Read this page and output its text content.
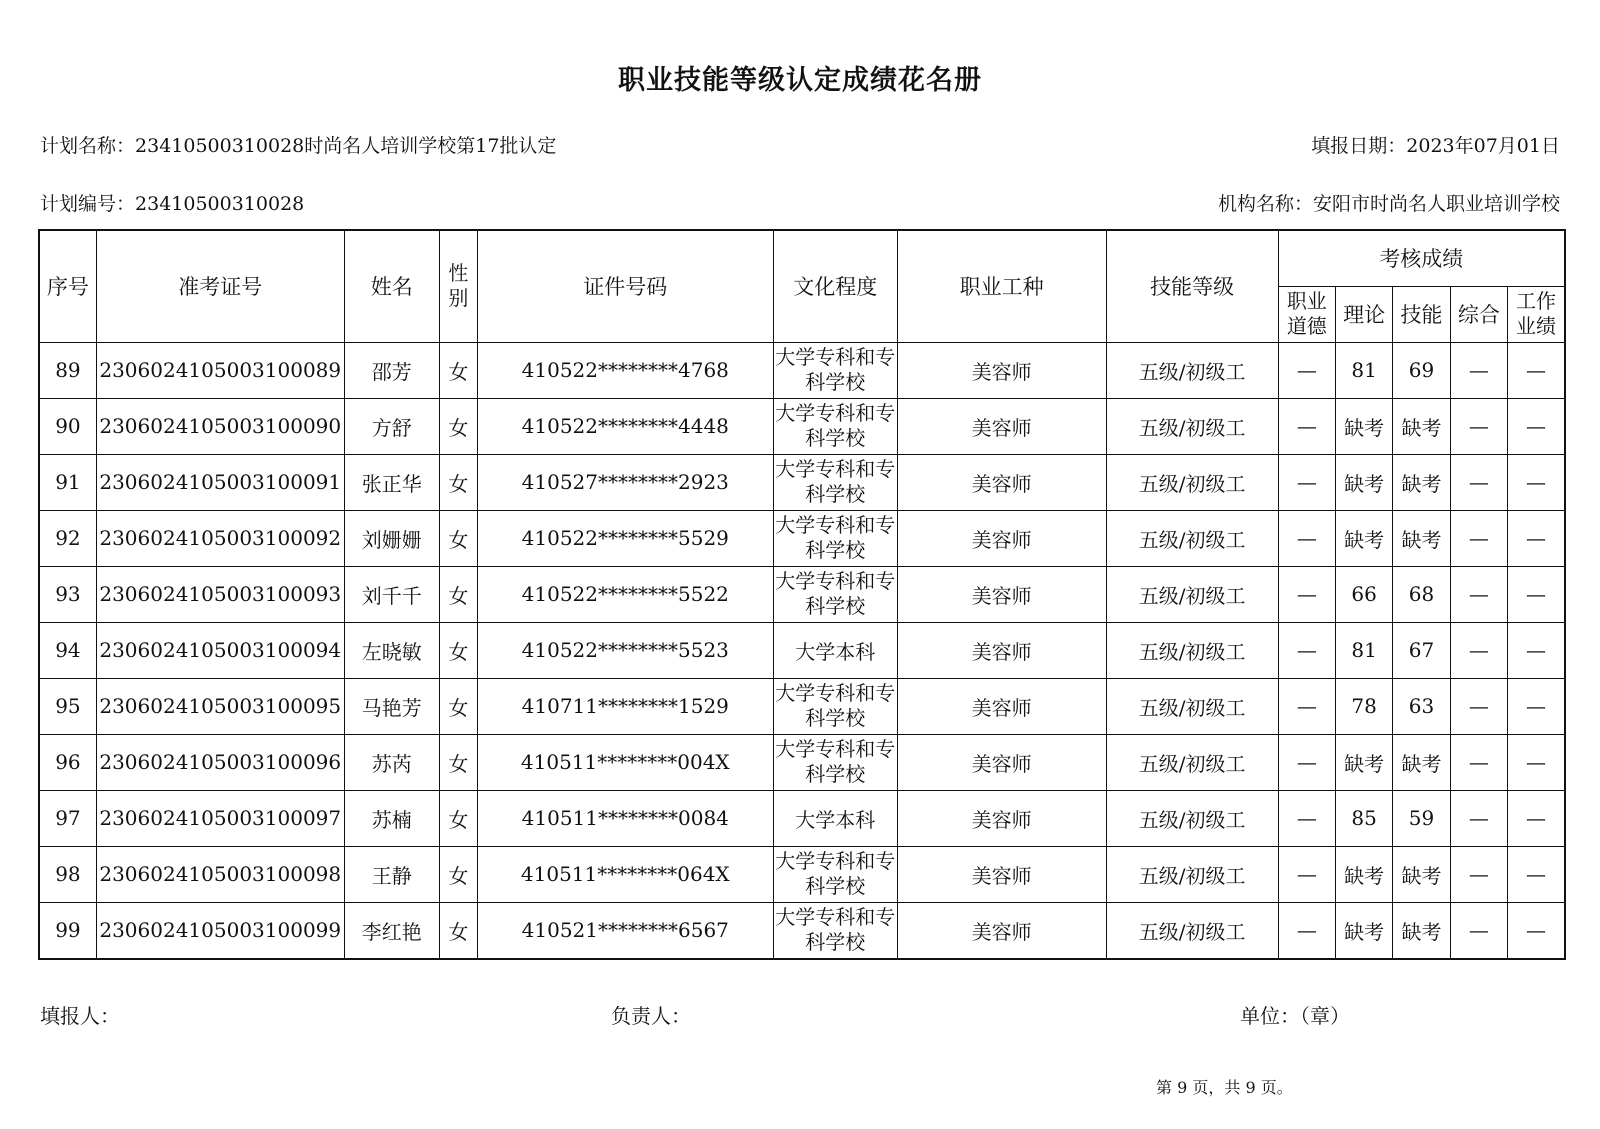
职业技能等级认定成绩花名册
计划名称：23410500310028时尚名人培训学校第17批认定	填报日期：2023年07月01日
计划编号：23410500310028	机构名称：安阳市时尚名人职业培训学校
序号	准考证号	姓名	性别	证件号码	文化程度	职业工种	技能等级	考核成绩				
								职业道德	理论	技能	综合	工作业绩
89	2306024105003100089	邵芳	女	410522********4768	大学专科和专科学校	美容师	五级/初级工	—	81	69	—	—
90	2306024105003100090	方舒	女	410522********4448	大学专科和专科学校	美容师	五级/初级工	—	缺考	缺考	—	—
91	2306024105003100091	张正华	女	410527********2923	大学专科和专科学校	美容师	五级/初级工	—	缺考	缺考	—	—
92	2306024105003100092	刘姗姗	女	410522********5529	大学专科和专科学校	美容师	五级/初级工	—	缺考	缺考	—	—
93	2306024105003100093	刘千千	女	410522********5522	大学专科和专科学校	美容师	五级/初级工	—	66	68	—	—
94	2306024105003100094	左晓敏	女	410522********5523	大学本科	美容师	五级/初级工	—	81	67	—	—
95	2306024105003100095	马艳芳	女	410711********1529	大学专科和专科学校	美容师	五级/初级工	—	78	63	—	—
96	2306024105003100096	苏芮	女	410511********004X	大学专科和专科学校	美容师	五级/初级工	—	缺考	缺考	—	—
97	2306024105003100097	苏楠	女	410511********0084	大学本科	美容师	五级/初级工	—	85	59	—	—
98	2306024105003100098	王静	女	410511********064X	大学专科和专科学校	美容师	五级/初级工	—	缺考	缺考	—	—
99	2306024105003100099	李红艳	女	410521********6567	大学专科和专科学校	美容师	五级/初级工	—	缺考	缺考	—	—
填报人：	负责人：	单位：（章）
第 9 页，共 9 页。
